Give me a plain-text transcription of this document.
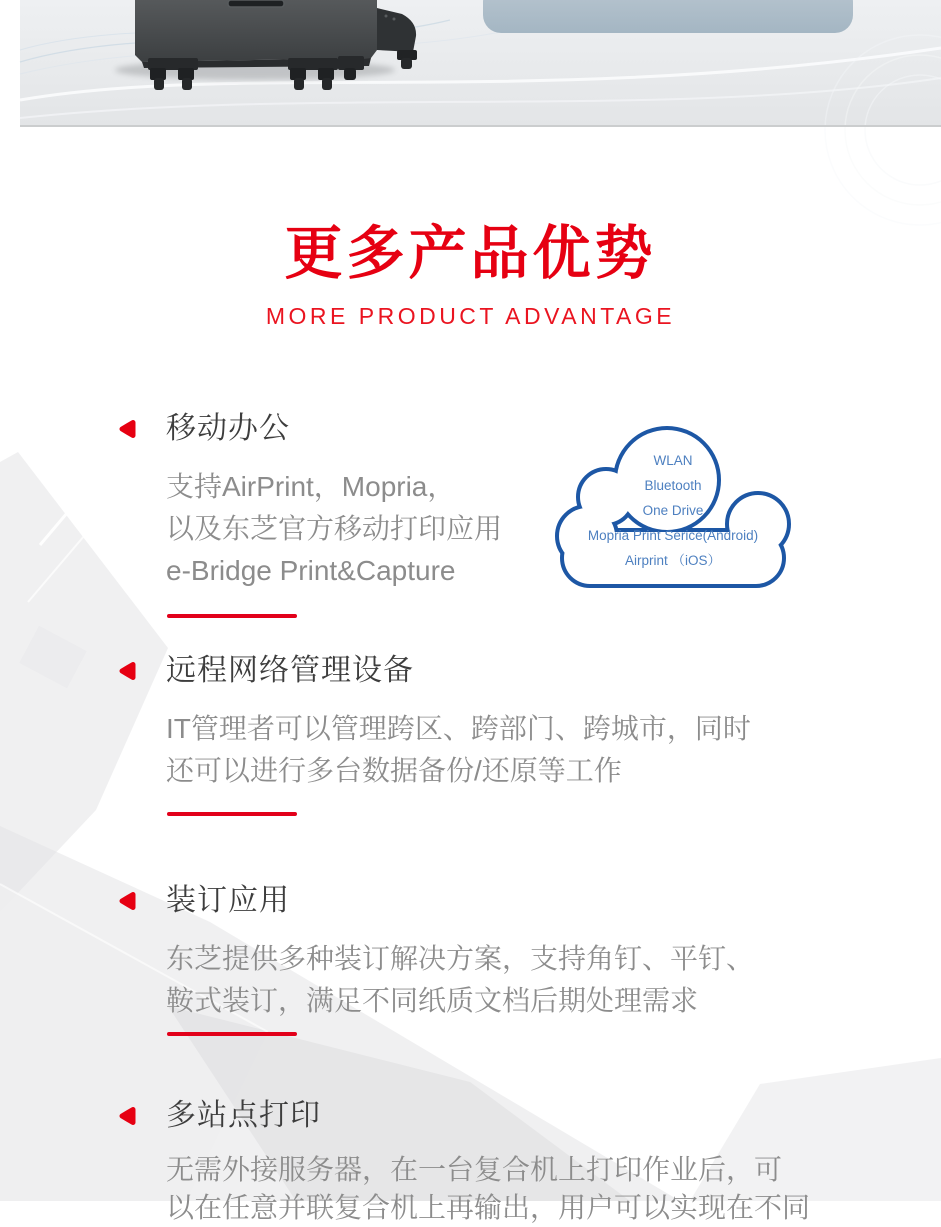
更多产品优势
MORE PRODUCT ADVANTAGE
移动办公
支持AirPrint，Mopria，
以及东芝官方移动打印应用
e-Bridge Print&Capture
WLAN
Bluetooth
One Drive
Mopria Print Serice(Android)
Airprint （iOS）
远程网络管理设备
IT管理者可以管理跨区、跨部门、跨城市，同时
还可以进行多台数据备份/还原等工作
装订应用
东芝提供多种装订解决方案，支持角钉、平钉、
鞍式装订，满足不同纸质文档后期处理需求
多站点打印
无需外接服务器，在一台复合机上打印作业后，可
以在任意并联复合机上再输出，用户可以实现在不同
